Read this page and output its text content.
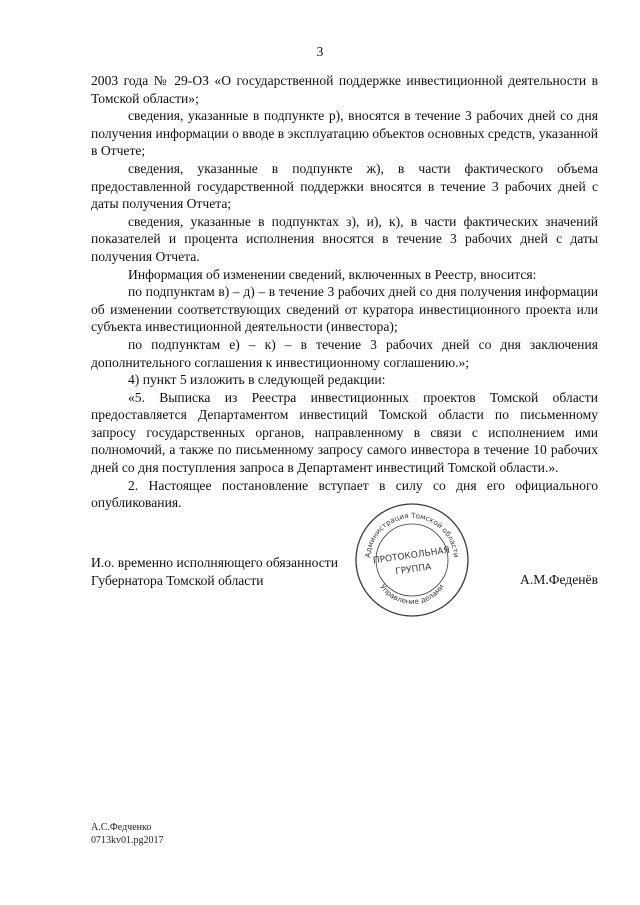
3

2003 года № 29-ОЗ «О государственной поддержке инвестиционной деятельности в Томской области»;

сведения, указанные в подпункте р), вносятся в течение 3 рабочих дней со дня получения информации о вводе в эксплуатацию объектов основных средств, указанной в Отчете;

сведения, указанные в подпункте ж), в части фактического объема предоставленной государственной поддержки вносятся в течение 3 рабочих дней с даты получения Отчета;

сведения, указанные в подпунктах з), и), к), в части фактических значений показателей и процента исполнения вносятся в течение 3 рабочих дней с даты получения Отчета.

Информация об изменении сведений, включенных в Реестр, вносится:

по подпунктам в) – д) – в течение 3 рабочих дней со дня получения информации об изменении соответствующих сведений от куратора инвестиционного проекта или субъекта инвестиционной деятельности (инвестора);

по подпунктам е) – к) – в течение 3 рабочих дней со дня заключения дополнительного соглашения к инвестиционному соглашению.»;

4) пункт 5 изложить в следующей редакции:

«5. Выписка из Реестра инвестиционных проектов Томской области предоставляется Департаментом инвестиций Томской области по письменному запросу государственных органов, направленному в связи с исполнением ими полномочий, а также по письменному запросу самого инвестора в течение 10 рабочих дней со дня поступления запроса в Департамент инвестиций Томской области.».

2. Настоящее постановление вступает в силу со дня его официального опубликования.

И.о. временно исполняющего обязанности
Губернатора Томской области
Администрация Томской области
Управление делами
ПРОТОКОЛЬНАЯ
ГРУППА
А.М.Феденёв
А.С.Федченко
0713kv01.pg2017
